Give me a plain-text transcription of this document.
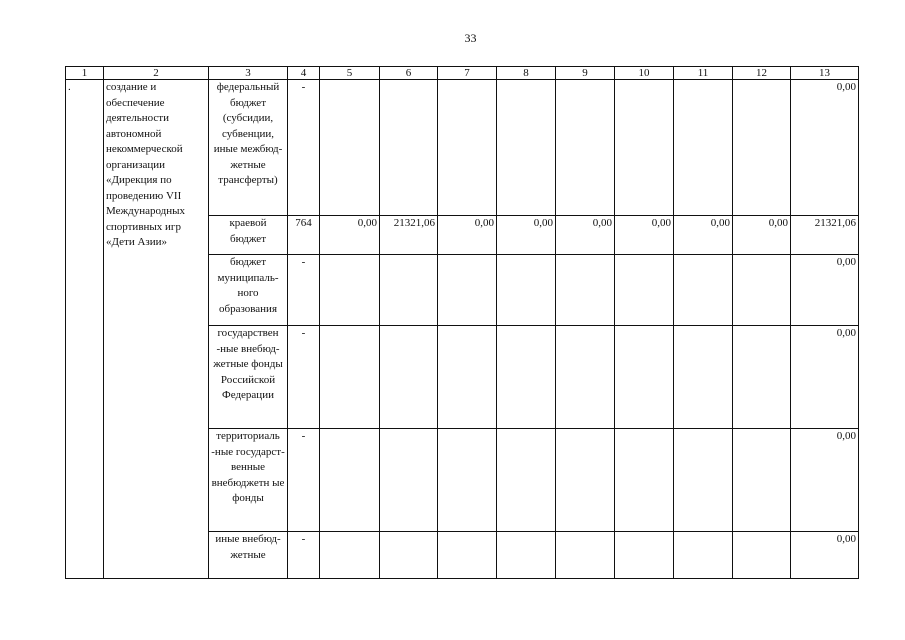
33
1	2	3	4	5	6	7	8	9	10	11	12	13
.	создание и обеспечение деятельности автономной некоммерческой организации «Дирекция по проведению VII Международных спортивных игр «Дети Азии»	федеральный бюджет (субсидии, субвенции, иные межбюд-жетные трансферты)	-									0,00
		краевой бюджет	764	0,00	21321,06	0,00	0,00	0,00	0,00	0,00	0,00	21321,06
		бюджет муниципаль-ного образования	-									0,00
		государствен -ные внебюд-жетные фонды Российской Федерации	-									0,00
		территориаль -ные государст-венные внебюджетн ые фонды	-									0,00
		иные внебюд-жетные	-									0,00
